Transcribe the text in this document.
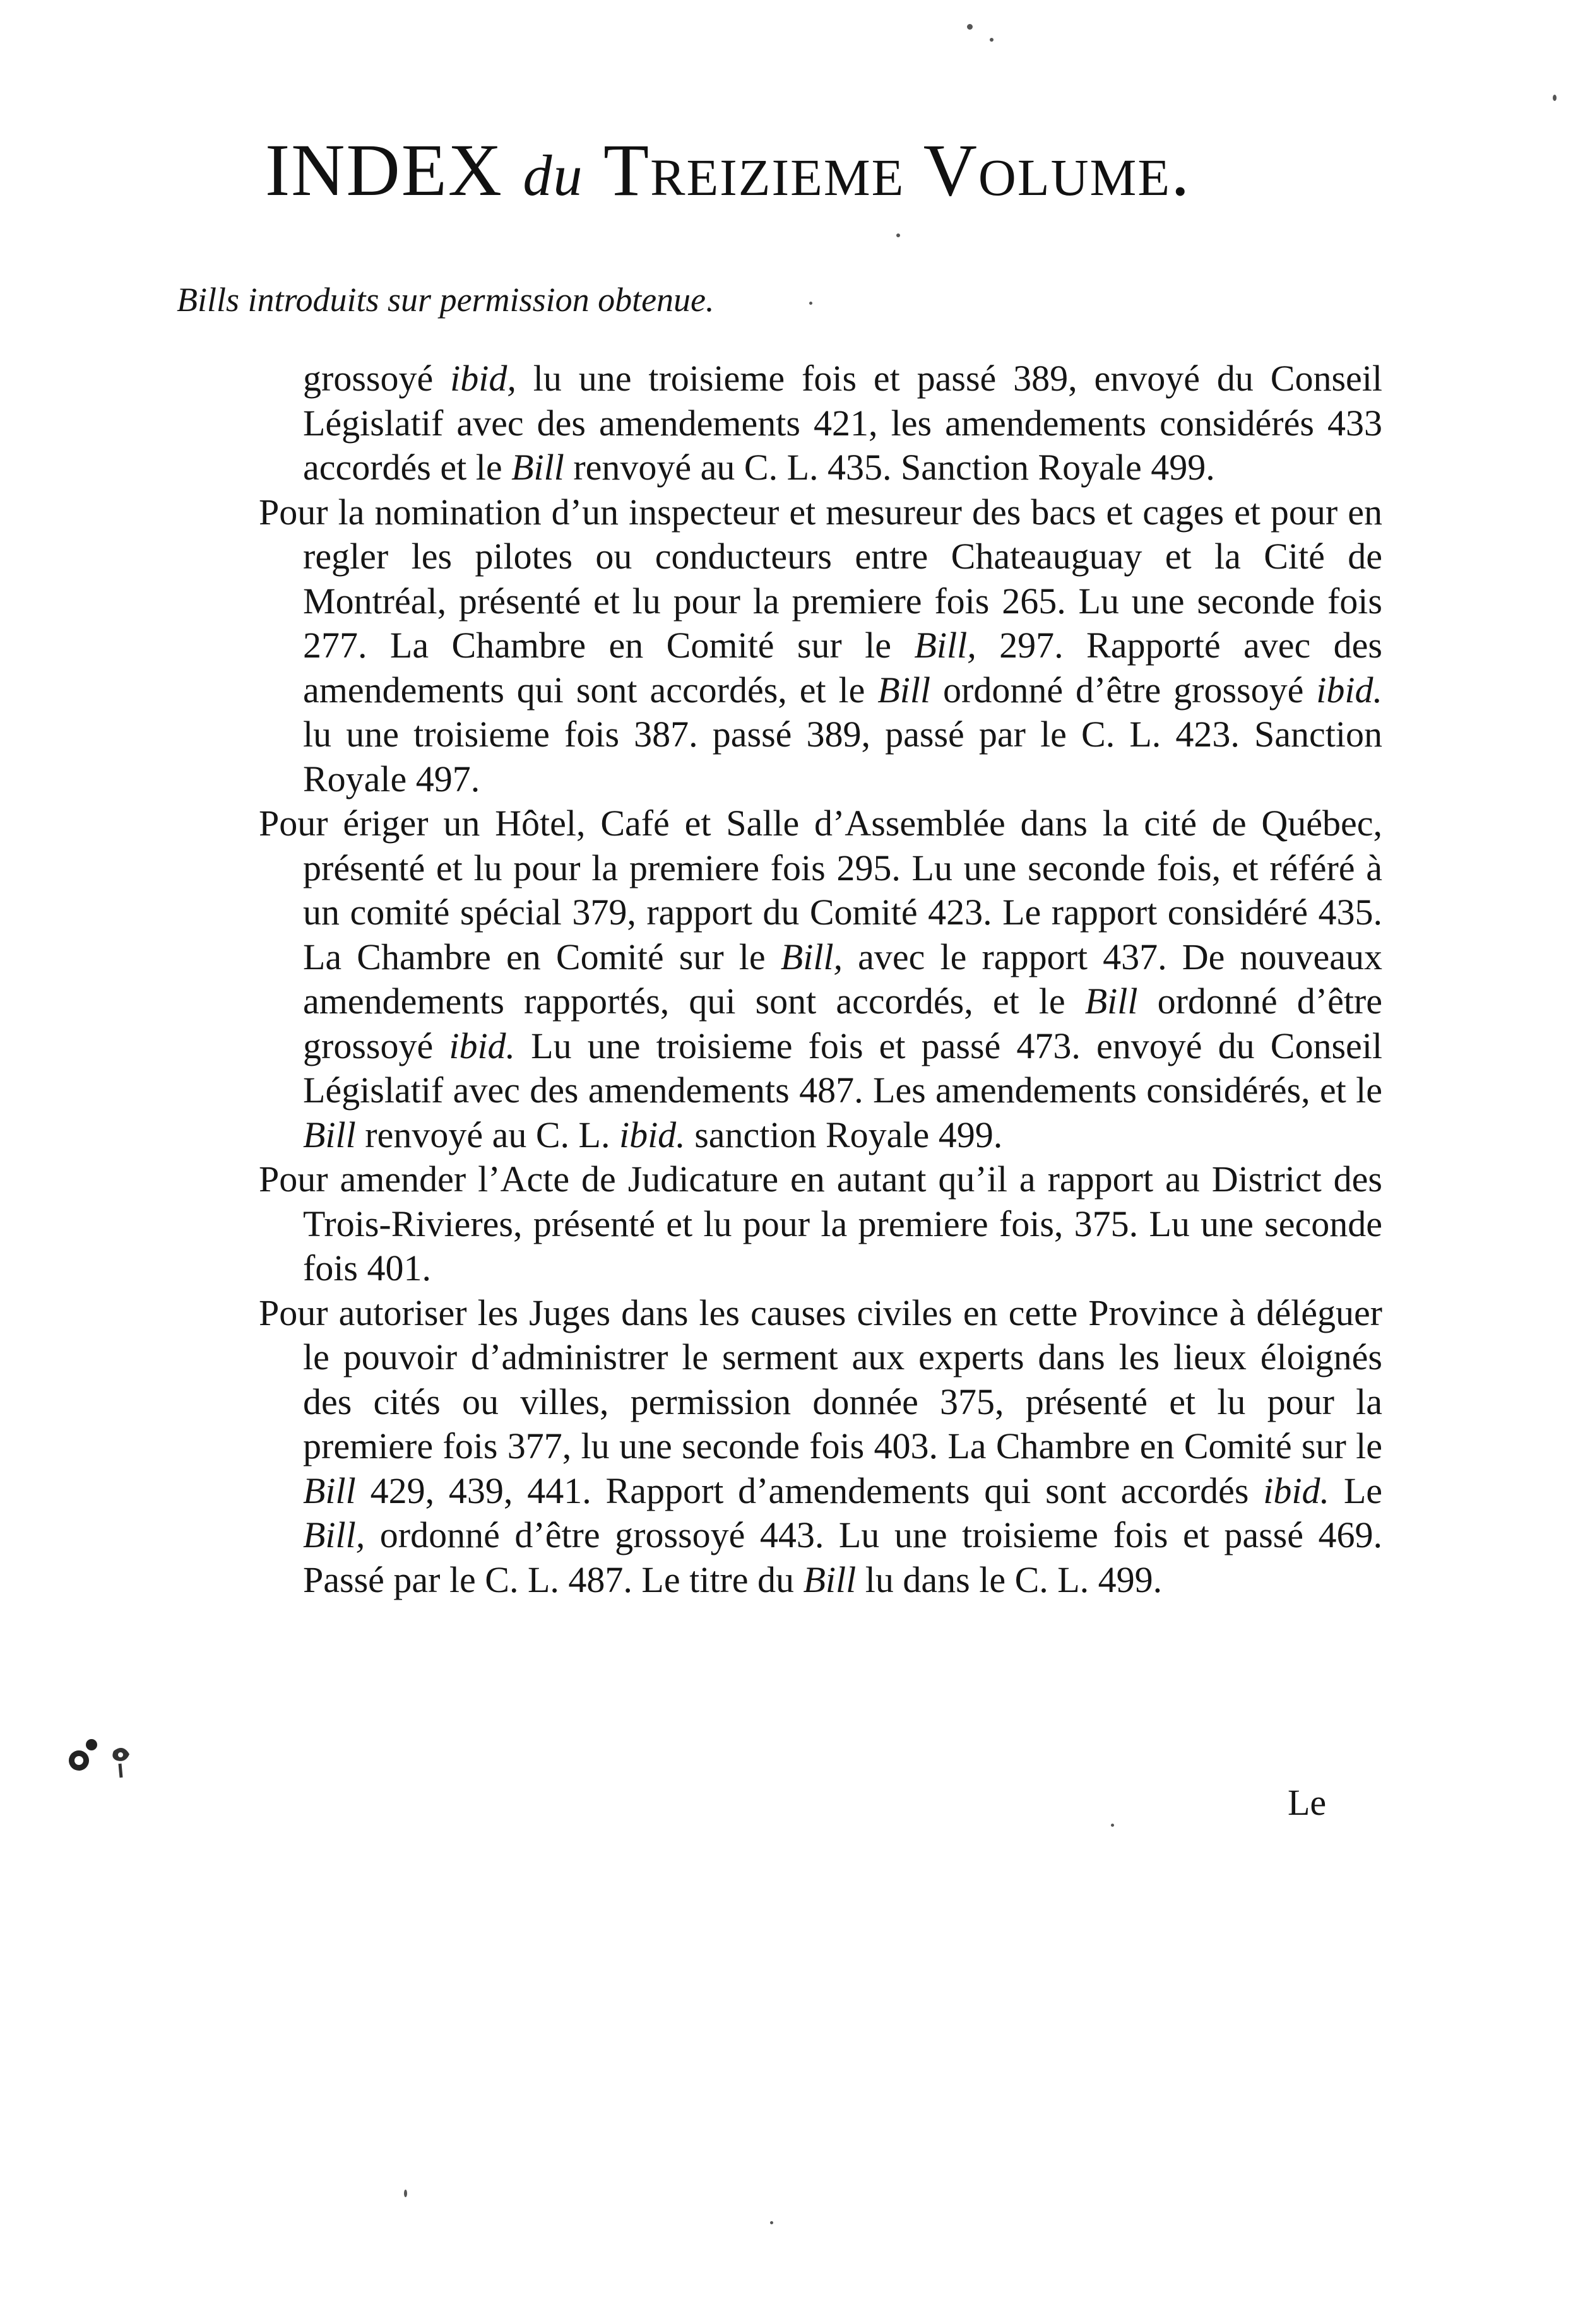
INDEX du Treizieme Volume.
Bills introduits sur permission obtenue.

grossoyé ibid, lu une troisieme fois et passé 389, envoyé du Conseil Législatif avec des amendements 421, les amendements considérés 433 accordés et le Bill renvoyé au C. L. 435. Sanction Royale 499.

Pour la nomination d’un inspecteur et mesureur des bacs et cages et pour en regler les pilotes ou conducteurs entre Chateauguay et la Cité de Montréal, présenté et lu pour la premiere fois 265. Lu une seconde fois 277. La Chambre en Comité sur le Bill, 297. Rapporté avec des amendements qui sont accordés, et le Bill ordonné d’être grossoyé ibid. lu une troisieme fois 387. passé 389, passé par le C. L. 423. Sanction Royale 497.

Pour ériger un Hôtel, Café et Salle d’Assemblée dans la cité de Québec, présenté et lu pour la premiere fois 295. Lu une seconde fois, et référé à un comité spécial 379, rapport du Comité 423. Le rapport considéré 435. La Chambre en Comité sur le Bill, avec le rapport 437. De nouveaux amendements rapportés, qui sont accordés, et le Bill ordonné d’être grossoyé ibid. Lu une troisieme fois et passé 473. envoyé du Conseil Législatif avec des amendements 487. Les amendements considérés, et le Bill renvoyé au C. L. ibid. sanction Royale 499.

Pour amender l’Acte de Judicature en autant qu’il a rapport au District des Trois-Rivieres, présenté et lu pour la premiere fois, 375. Lu une seconde fois 401.

Pour autoriser les Juges dans les causes civiles en cette Province à déléguer le pouvoir d’administrer le serment aux experts dans les lieux éloignés des cités ou villes, permission donnée 375, présenté et lu pour la premiere fois 377, lu une seconde fois 403. La Chambre en Comité sur le Bill 429, 439, 441. Rapport d’amendements qui sont accordés ibid. Le Bill, ordonné d’être grossoyé 443. Lu une troisieme fois et passé 469. Passé par le C. L. 487. Le titre du Bill lu dans le C. L. 499.

Le
